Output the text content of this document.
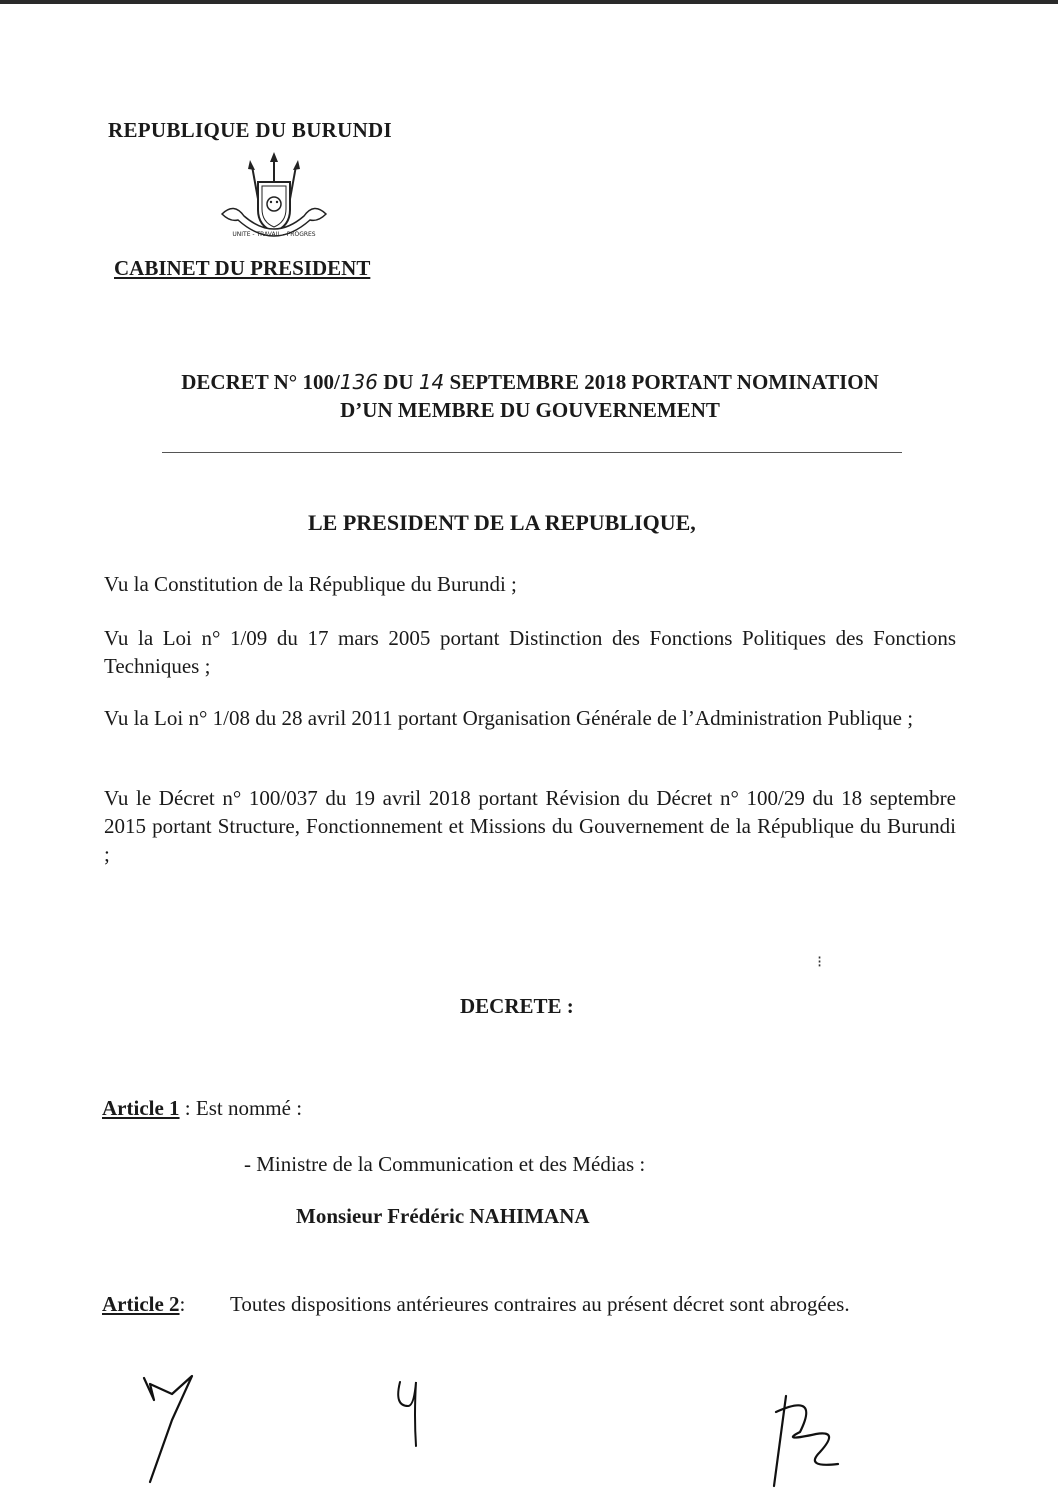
REPUBLIQUE DU BURUNDI
UNITE - TRAVAIL - PROGRES
CABINET DU PRESIDENT
DECRET N° 100/136 DU 14 SEPTEMBRE 2018 PORTANT NOMINATION
D’UN MEMBRE DU GOUVERNEMENT
LE PRESIDENT DE LA REPUBLIQUE,
Vu la Constitution de la République du Burundi ;
Vu la Loi n° 1/09 du 17 mars 2005 portant Distinction des Fonctions Politiques des Fonctions Techniques ;
Vu la Loi n° 1/08 du 28 avril 2011 portant Organisation Générale de l’Administration Publique ;
Vu le Décret n° 100/037 du 19 avril 2018 portant Révision du Décret n° 100/29 du 18 septembre 2015 portant Structure, Fonctionnement et Missions du Gouvernement de la République du Burundi ;
⁝
DECRETE :
Article 1 : Est nommé :
- Ministre de la Communication et des Médias :
Monsieur Frédéric NAHIMANA
Article 2: Toutes dispositions antérieures contraires au présent décret sont abrogées.
